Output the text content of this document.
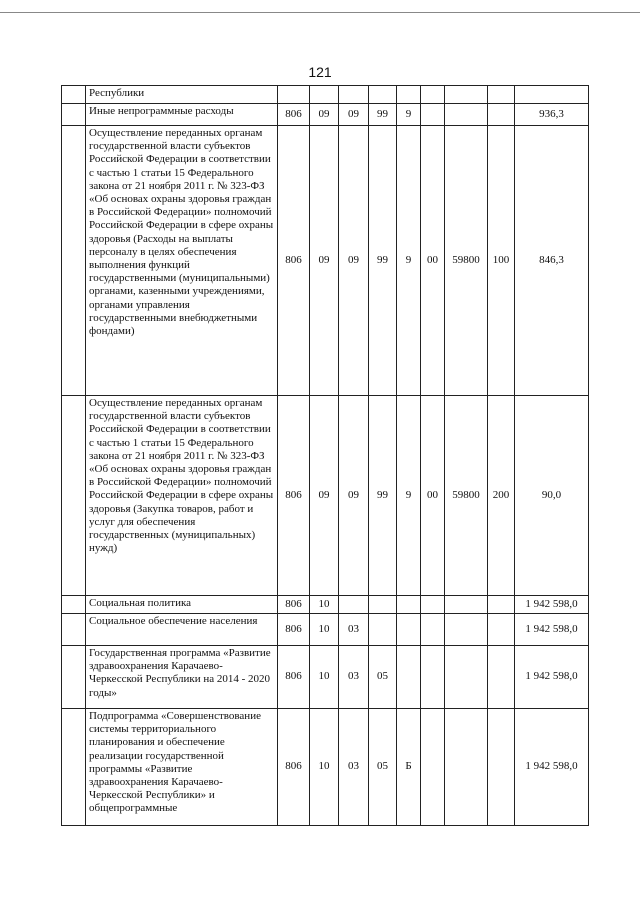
121
	Республики									
	Иные непрограммные расходы	806	09	09	99	9				936,3
	Осуществление переданных органам государственной власти субъектов Российской Федерации в соответствии с частью 1 статьи 15 Федерального закона от 21 ноября 2011 г. № 323-ФЗ «Об основах охраны здоровья граждан в Российской Федерации» полномочий Российской Федерации в сфере охраны здоровья (Расходы на выплаты персоналу в целях обеспечения выполнения функций государственными (муниципальными) органами, казенными учреждениями, органами управления государственными внебюджетными фондами)	806	09	09	99	9	00	59800	100	846,3
	Осуществление переданных органам государственной власти субъектов Российской Федерации в соответствии с частью 1 статьи 15 Федерального закона от 21 ноября 2011 г. № 323-ФЗ «Об основах охраны здоровья граждан в Российской Федерации» полномочий Российской Федерации в сфере охраны здоровья (Закупка товаров, работ и услуг для обеспечения государственных (муниципальных) нужд)	806	09	09	99	9	00	59800	200	90,0
	Социальная политика	806	10							1 942 598,0
	Социальное обеспечение населения	806	10	03						1 942 598,0
	Государственная программа «Развитие здравоохранения Карачаево-Черкесской Республики на 2014 - 2020 годы»	806	10	03	05					1 942 598,0
	Подпрограмма «Совершенствование системы территориального планирования и обеспечение реализации государственной программы «Развитие здравоохранения Карачаево-Черкесской Республики» и общепрограммные	806	10	03	05	Б				1 942 598,0
